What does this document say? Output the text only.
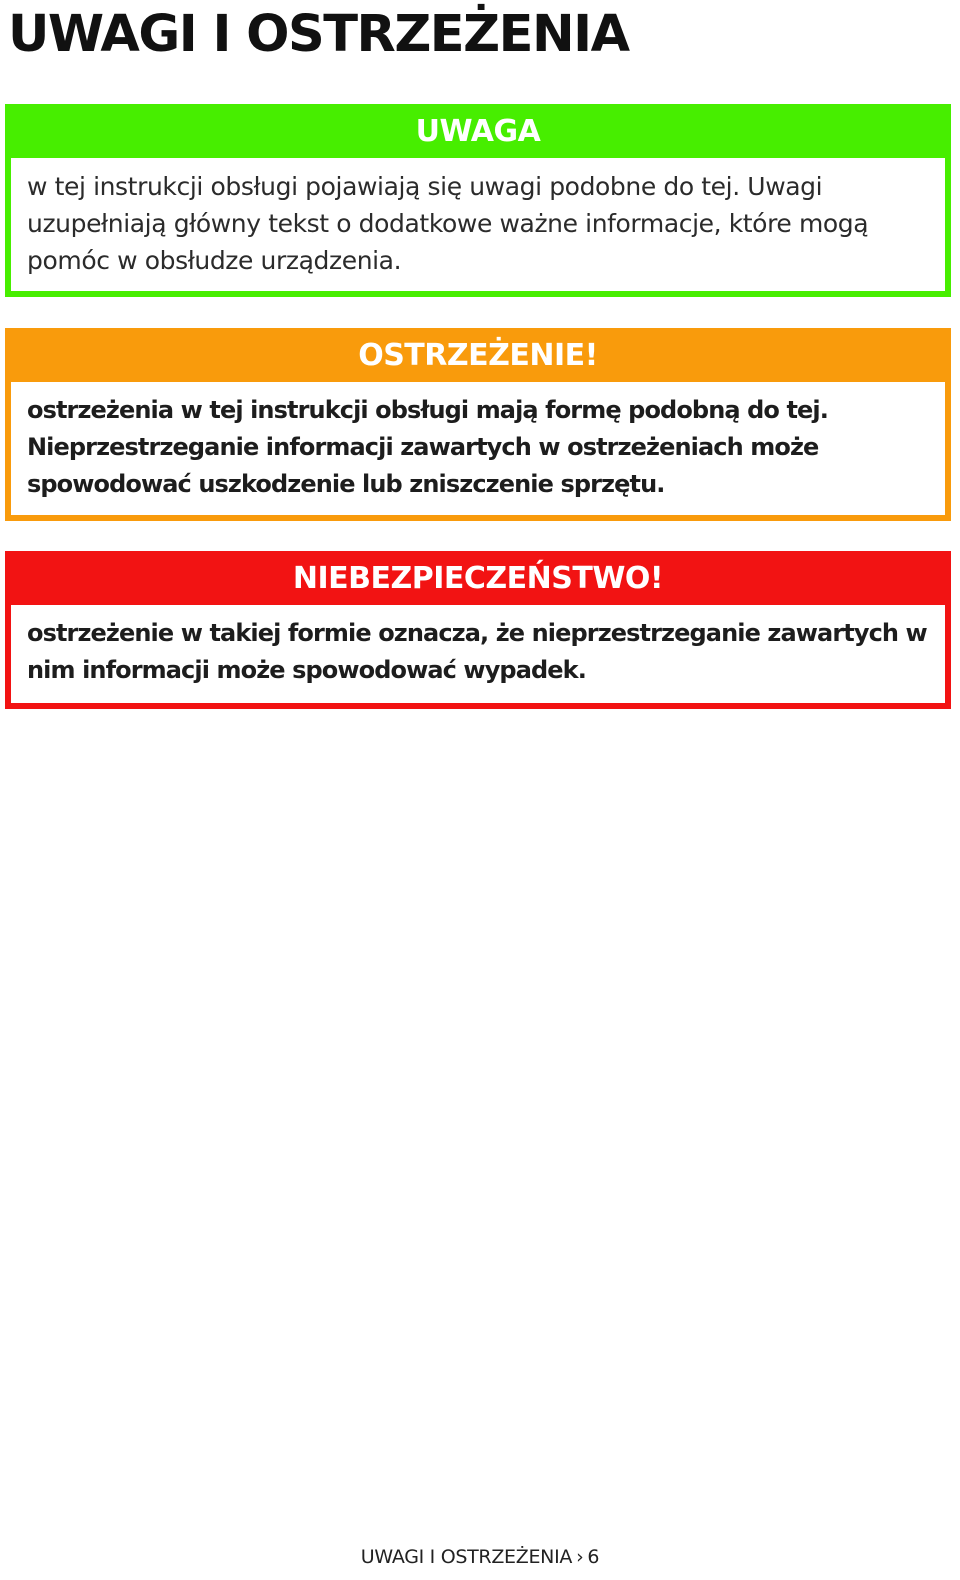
UWAGI I OSTRZEŻENIA
UWAGA
w tej instrukcji obsługi pojawiają się uwagi podobne do tej. Uwagi uzupełniają główny tekst o dodatkowe ważne informacje, które mogą pomóc w obsłudze urządzenia.
OSTRZEŻENIE!
ostrzeżenia w tej instrukcji obsługi mają formę podobną do tej. Nieprzestrzeganie informacji zawartych w ostrzeżeniach może spowodować uszkodzenie lub zniszczenie sprzętu.
NIEBEZPIECZEŃSTWO!
ostrzeżenie w takiej formie oznacza, że nieprzestrzeganie zawartych w nim informacji może spowodować wypadek.
UWAGI I OSTRZEŻENIA › 6
